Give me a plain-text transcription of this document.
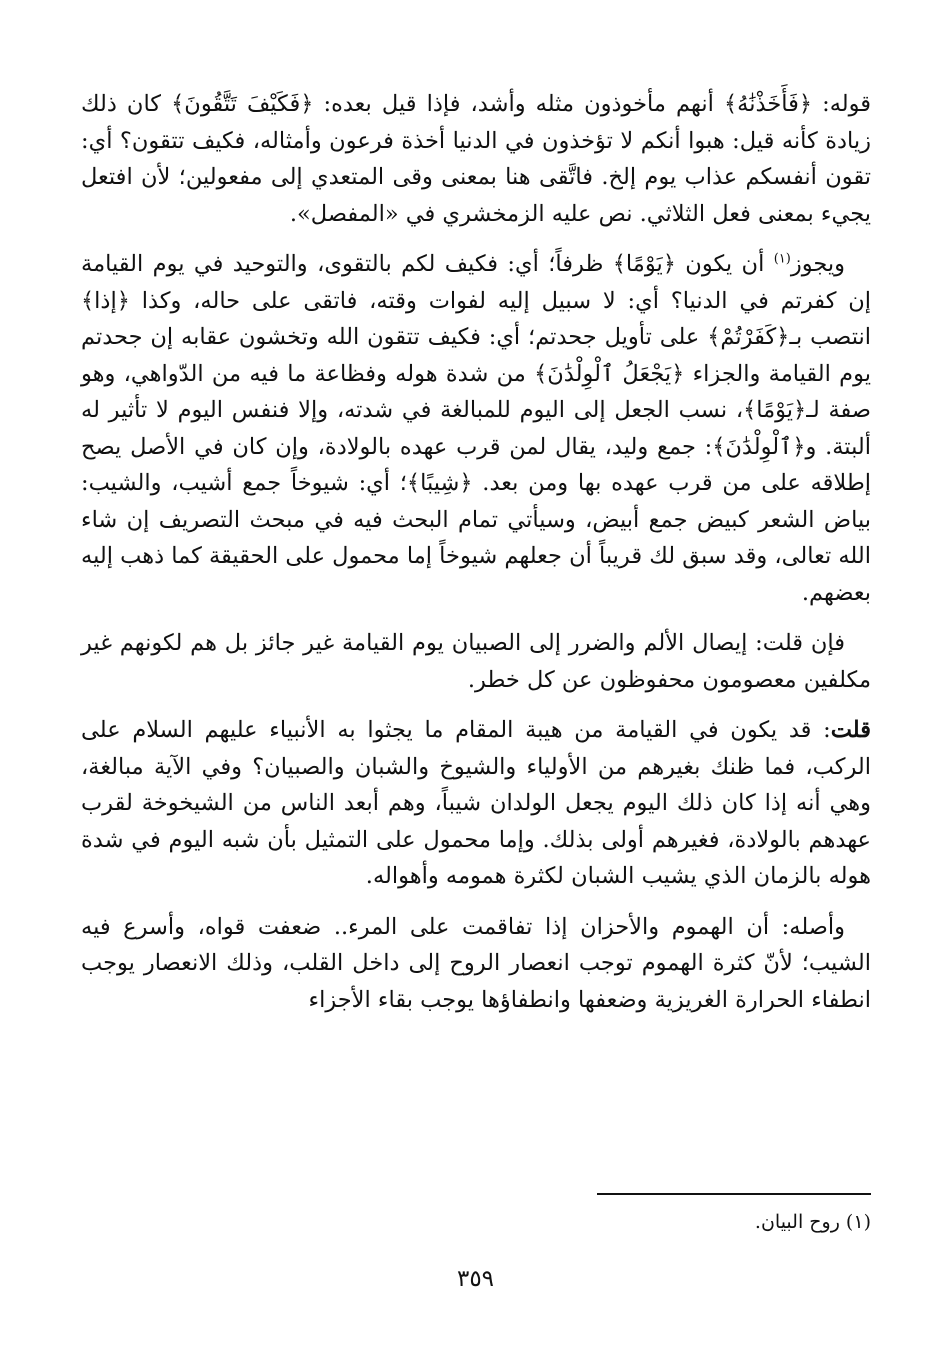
قوله: ﴿فَأَخَذْنَٰهُ﴾ أنهم مأخوذون مثله وأشد، فإذا قيل بعده: ﴿فَكَيْفَ تَتَّقُونَ﴾ كان ذلك زيادة كأنه قيل: هبوا أنكم لا تؤخذون في الدنيا أخذة فرعون وأمثاله، فكيف تتقون؟ أي: تقون أنفسكم عذاب يوم إلخ. فاتَّقى هنا بمعنى وقى المتعدي إلى مفعولين؛ لأن افتعل يجيء بمعنى فعل الثلاثي. نص عليه الزمخشري في «المفصل».

ويجوز$^{(١)}$ أن يكون ﴿يَوْمًا﴾ ظرفاً؛ أي: فكيف لكم بالتقوى، والتوحيد في يوم القيامة إن كفرتم في الدنيا؟ أي: لا سبيل إليه لفوات وقته، فاتقى على حاله، وكذا ﴿إذا﴾ انتصب بـ﴿كَفَرْتُمْ﴾ على تأويل جحدتم؛ أي: فكيف تتقون الله وتخشون عقابه إن جحدتم يوم القيامة والجزاء ﴿يَجْعَلُ ٱلْوِلْدَٰنَ﴾ من شدة هوله وفظاعة ما فيه من الدّواهي، وهو صفة لـ﴿يَوْمًا﴾، نسب الجعل إلى اليوم للمبالغة في شدته، وإلا فنفس اليوم لا تأثير له ألبتة. و﴿ٱلْوِلْدَٰنَ﴾: جمع وليد، يقال لمن قرب عهده بالولادة، وإن كان في الأصل يصح إطلاقه على من قرب عهده بها ومن بعد. ﴿شِيبًا﴾؛ أي: شيوخاً جمع أشيب، والشيب: بياض الشعر كبيض جمع أبيض، وسيأتي تمام البحث فيه في مبحث التصريف إن شاء الله تعالى، وقد سبق لك قريباً أن جعلهم شيوخاً إما محمول على الحقيقة كما ذهب إليه بعضهم.

فإن قلت: إيصال الألم والضرر إلى الصبيان يوم القيامة غير جائز بل هم لكونهم غير مكلفين معصومون محفوظون عن كل خطر.

قلت: قد يكون في القيامة من هيبة المقام ما يجثوا به الأنبياء عليهم السلام على الركب، فما ظنك بغيرهم من الأولياء والشيوخ والشبان والصبيان؟ وفي الآية مبالغة، وهي أنه إذا كان ذلك اليوم يجعل الولدان شيباً، وهم أبعد الناس من الشيخوخة لقرب عهدهم بالولادة، فغيرهم أولى بذلك. وإما محمول على التمثيل بأن شبه اليوم في شدة هوله بالزمان الذي يشيب الشبان لكثرة همومه وأهواله.

وأصله: أن الهموم والأحزان إذا تفاقمت على المرء.. ضعفت قواه، وأسرع فيه الشيب؛ لأنّ كثرة الهموم توجب انعصار الروح إلى داخل القلب، وذلك الانعصار يوجب انطفاء الحرارة الغريزية وضعفها وانطفاؤها يوجب بقاء الأجزاء

(١) روح البيان.
٣٥٩
